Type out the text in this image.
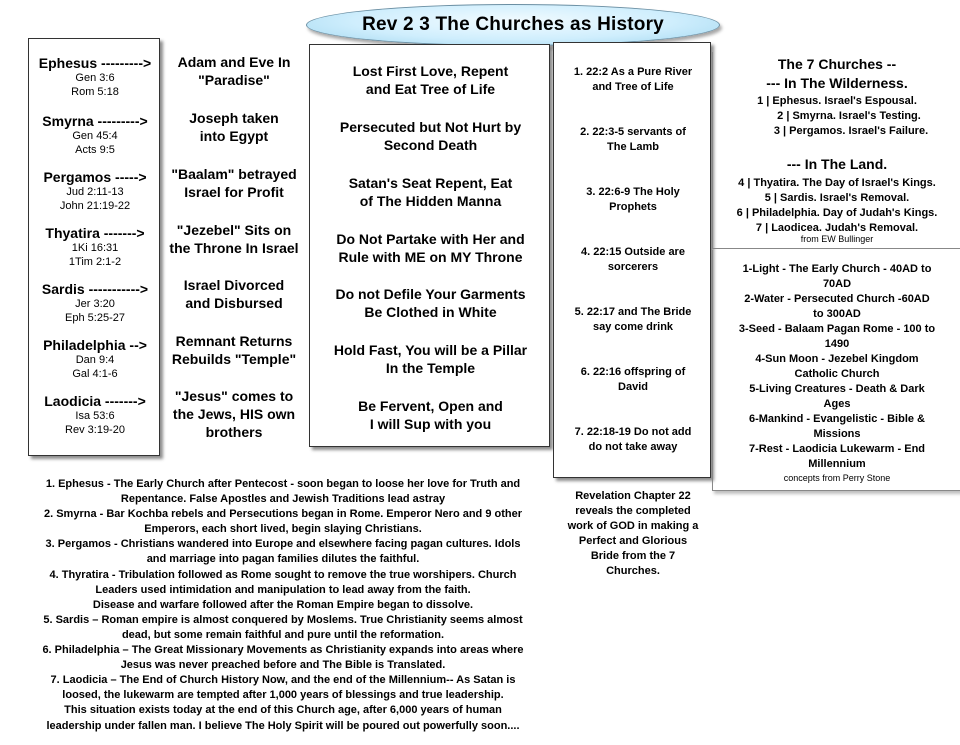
Rev 2 3 The Churches as History
Ephesus --------->
Gen 3:6
Rom 5:18
Smyrna --------->
Gen 45:4
Acts 9:5
Pergamos ----->
Jud 2:11-13
John 21:19-22
Thyatira ------->
1Ki 16:31
1Tim 2:1-2
Sardis ----------->
Jer 3:20
Eph 5:25-27
Philadelphia -->
Dan 9:4
Gal 4:1-6
Laodicia ------->
Isa 53:6
Rev 3:19-20
Adam and Eve In
"Paradise"
Joseph taken
into Egypt
"Baalam" betrayed
Israel for Profit
"Jezebel" Sits on
the Throne In Israel
Israel Divorced
and Disbursed
Remnant Returns
Rebuilds "Temple"
"Jesus" comes to
the Jews, HIS own
brothers
Lost First Love, Repent
and Eat Tree of Life
Persecuted but Not Hurt by
Second Death
Satan's Seat Repent, Eat
of The Hidden Manna
Do Not Partake with Her and
Rule with ME on MY Throne
Do not Defile Your Garments
Be Clothed in White
Hold Fast, You will be a Pillar
In the Temple
Be Fervent, Open and
I will Sup with you
1. 22:2 As a Pure River
and Tree of Life
2. 22:3-5 servants of
The Lamb
3. 22:6-9 The Holy
Prophets
4. 22:15 Outside are
sorcerers
5. 22:17 and The Bride
say come drink
6. 22:16 offspring of
David
7. 22:18-19 Do not add
do not take away
Revelation Chapter 22
reveals the completed
work of GOD in making a
Perfect and Glorious
Bride from the 7
Churches.
The 7 Churches --
--- In The Wilderness.
1 | Ephesus. Israel's Espousal.
2 | Smyrna. Israel's Testing.
3 | Pergamos. Israel's Failure.
--- In The Land.
4 | Thyatira. The Day of Israel's Kings.
5 | Sardis. Israel's Removal.
6 | Philadelphia. Day of Judah's Kings.
7 | Laodicea. Judah's Removal.
from EW Bullinger
1-Light - The Early Church - 40AD to
70AD
2-Water - Persecuted Church -60AD
to 300AD
3-Seed - Balaam Pagan Rome - 100 to
1490
4-Sun Moon - Jezebel Kingdom
Catholic Church
5-Living Creatures - Death & Dark
Ages
6-Mankind - Evangelistic - Bible &
Missions
7-Rest - Laodicia Lukewarm - End
Millennium
concepts from Perry Stone

1. Ephesus - The Early Church after Pentecost - soon began to loose her love for Truth and

Repentance. False Apostles and Jewish Traditions lead astray

2. Smyrna - Bar Kochba rebels and Persecutions began in Rome. Emperor Nero and 9 other

Emperors, each short lived, begin slaying Christians.

3. Pergamos - Christians wandered into Europe and elsewhere facing pagan cultures. Idols

and marriage into pagan families dilutes the faithful.

4. Thyratira - Tribulation followed as Rome sought to remove the true worshipers. Church

Leaders used intimidation and manipulation to lead away from the faith.

Disease and warfare followed after the Roman Empire began to dissolve.

5. Sardis – Roman empire is almost conquered by Moslems. True Christianity seems almost

dead, but some remain faithful and pure until the reformation.

6. Philadelphia – The Great Missionary Movements as Christianity expands into areas where

Jesus was never preached before and The Bible is Translated.

7. Laodicia – The End of Church History Now, and the end of the Millennium-- As Satan is

loosed, the lukewarm are tempted after 1,000 years of blessings and true leadership.

This situation exists today at the end of this Church age, after 6,000 years of human

leadership under fallen man. I believe The Holy Spirit will be poured out powerfully soon....
